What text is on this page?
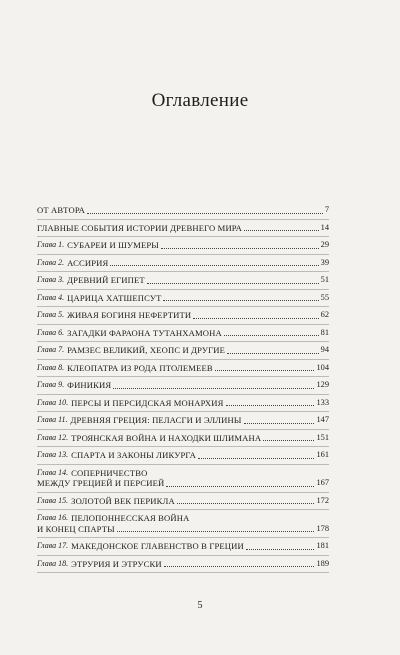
Оглавление
ОТ АВТОРА	7
ГЛАВНЫЕ СОБЫТИЯ ИСТОРИИ ДРЕВНЕГО МИРА	14
Глава 1. СУБАРЕИ И ШУМЕРЫ	29
Глава 2. АССИРИЯ	39
Глава 3. ДРЕВНИЙ ЕГИПЕТ	51
Глава 4. ЦАРИЦА ХАТШЕПСУТ	55
Глава 5. ЖИВАЯ БОГИНЯ НЕФЕРТИТИ	62
Глава 6. ЗАГАДКИ ФАРАОНА ТУТАНХАМОНА	81
Глава 7. РАМЗЕС ВЕЛИКИЙ, ХЕОПС И ДРУГИЕ	94
Глава 8. КЛЕОПАТРА ИЗ РОДА ПТОЛЕМЕЕВ	104
Глава 9. ФИНИКИЯ	129
Глава 10. ПЕРСЫ И ПЕРСИДСКАЯ МОНАРХИЯ	133
Глава 11. ДРЕВНЯЯ ГРЕЦИЯ: ПЕЛАСГИ И ЭЛЛИНЫ	147
Глава 12. ТРОЯНСКАЯ ВОЙНА И НАХОДКИ ШЛИМАНА	151
Глава 13. СПАРТА И ЗАКОНЫ ЛИКУРГА	161
Глава 14. СОПЕРНИЧЕСТВО
МЕЖДУ ГРЕЦИЕЙ И ПЕРСИЕЙ	167
Глава 15. ЗОЛОТОЙ ВЕК ПЕРИКЛА	172
Глава 16. ПЕЛОПОННЕССКАЯ ВОЙНА
И КОНЕЦ СПАРТЫ	178
Глава 17. МАКЕДОНСКОЕ ГЛАВЕНСТВО В ГРЕЦИИ	181
Глава 18. ЭТРУРИЯ И ЭТРУСКИ	189
5
